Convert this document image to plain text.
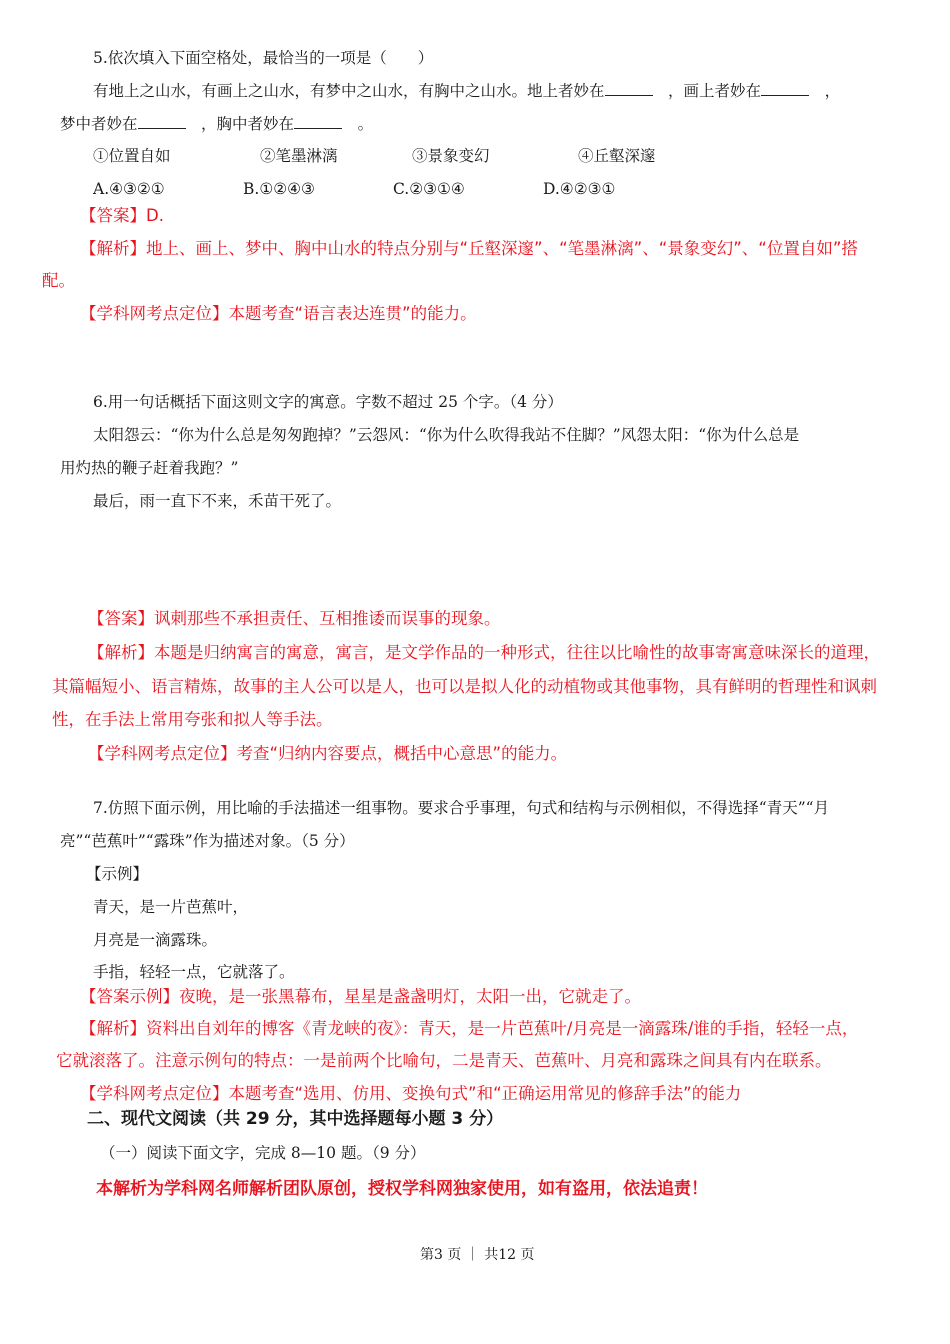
5.依次填入下面空格处，最恰当的一项是（　　）
有地上之山水，有画上之山水，有梦中之山水，有胸中之山水。地上者妙在　	，画上者妙在　	，
梦中者妙在　	，胸中者妙在　	。
①位置自如	②笔墨淋漓	③景象变幻	④丘壑深邃
A.④③②①	B.①②④③	C.②③①④	D.④②③①
【答案】D.
【解析】地上、画上、梦中、胸中山水的特点分别与“丘壑深邃”、“笔墨淋漓”、“景象变幻”、“位置自如”搭
配。
【学科网考点定位】本题考查“语言表达连贯”的能力。
6.用一句话概括下面这则文字的寓意。字数不超过 25 个字。（4 分）
太阳怨云：“你为什么总是匆匆跑掉？”云怨风：“你为什么吹得我站不住脚？”风怨太阳：“你为什么总是
用灼热的鞭子赶着我跑？”
最后，雨一直下不来，禾苗干死了。
【答案】讽刺那些不承担责任、互相推诿而误事的现象。
【解析】本题是归纳寓言的寓意，寓言，是文学作品的一种形式，往往以比喻性的故事寄寓意味深长的道理，
其篇幅短小、语言精炼，故事的主人公可以是人，也可以是拟人化的动植物或其他事物，具有鲜明的哲理性和讽刺
性，在手法上常用夸张和拟人等手法。
【学科网考点定位】考查“归纳内容要点，概括中心意思”的能力。
7.仿照下面示例，用比喻的手法描述一组事物。要求合乎事理，句式和结构与示例相似，不得选择“青天”“月
亮”“芭蕉叶”“露珠”作为描述对象。（5 分）
【示例】
青天，是一片芭蕉叶，
月亮是一滴露珠。
手指，轻轻一点，它就落了。
【答案示例】夜晚，是一张黑幕布，星星是盏盏明灯，太阳一出，它就走了。
【解析】资料出自刘年的博客《青龙峡的夜》：青天，是一片芭蕉叶/月亮是一滴露珠/谁的手指，轻轻一点，
它就滚落了。注意示例句的特点：一是前两个比喻句，二是青天、芭蕉叶、月亮和露珠之间具有内在联系。
【学科网考点定位】本题考查“选用、仿用、变换句式”和“正确运用常见的修辞手法”的能力
二、现代文阅读（共 29 分，其中选择题每小题 3 分）
（一）阅读下面文字，完成 8—10 题。（9 分）
本解析为学科网名师解析团队原创，授权学科网独家使用，如有盗用，依法追责！
第3 页 ｜ 共12 页
